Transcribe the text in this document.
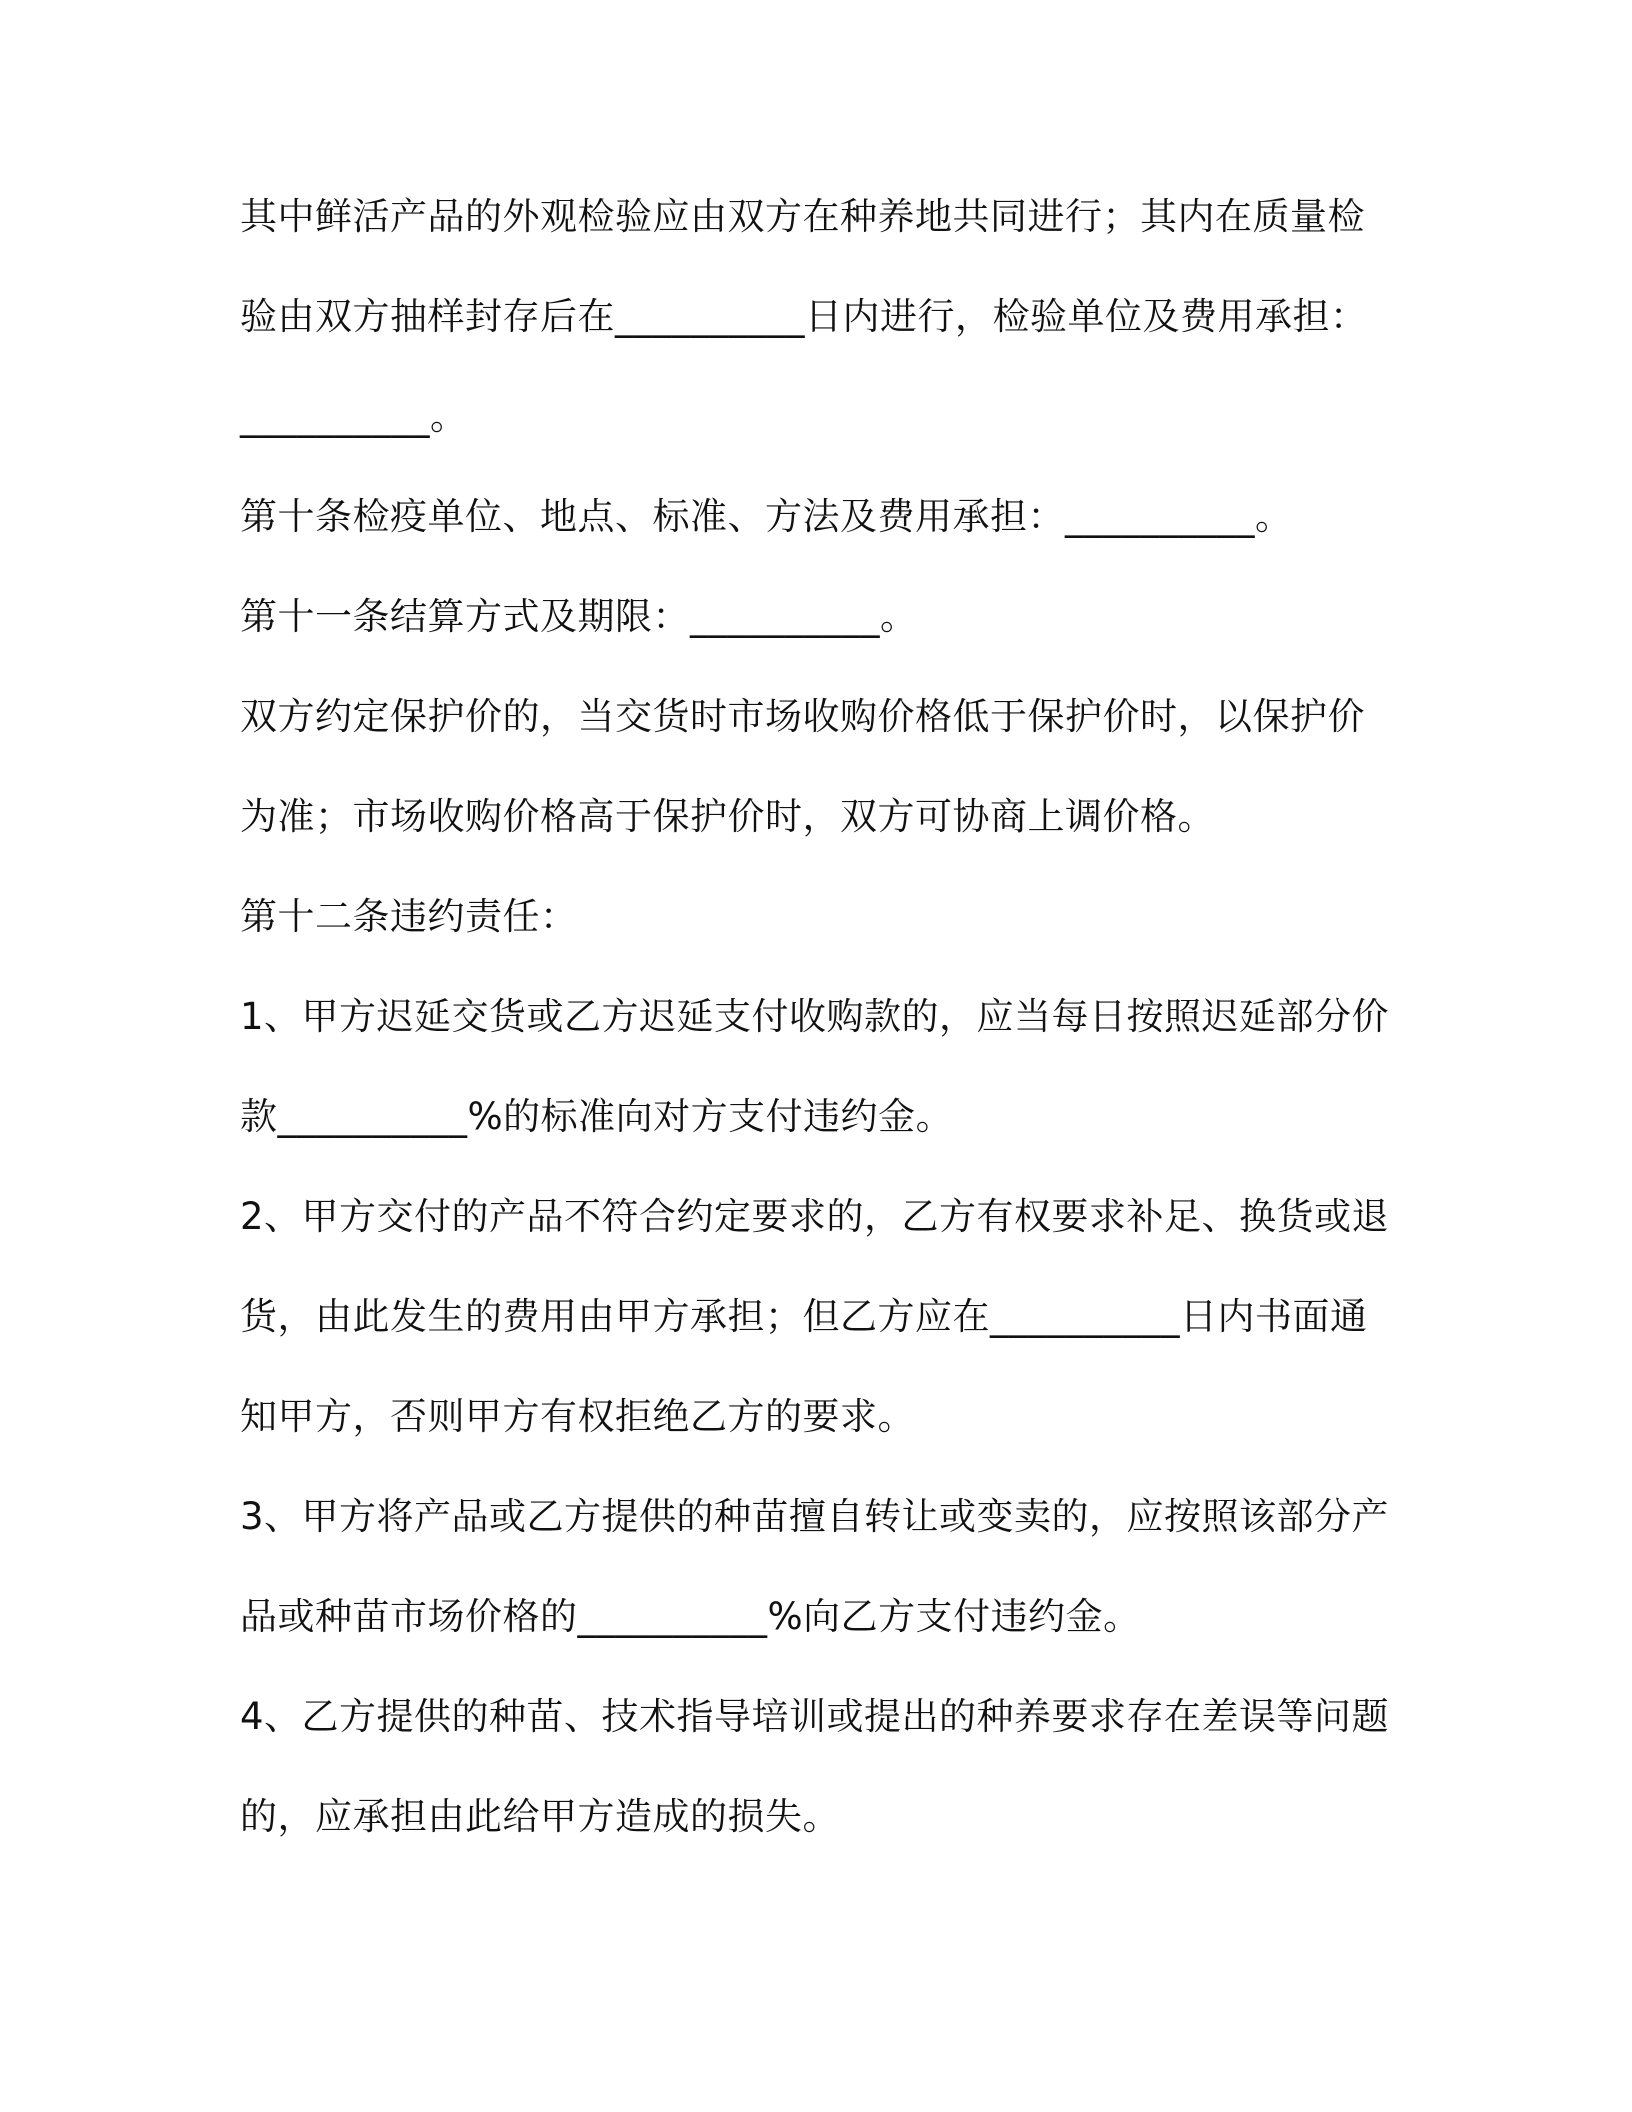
其中鲜活产品的外观检验应由双方在种养地共同进行；其内在质量检
验由双方抽样封存后在__________日内进行，检验单位及费用承担：
__________。
第十条检疫单位、地点、标准、方法及费用承担：__________。
第十一条结算方式及期限：__________。
双方约定保护价的，当交货时市场收购价格低于保护价时，以保护价
为准；市场收购价格高于保护价时，双方可协商上调价格。
第十二条违约责任：
1、甲方迟延交货或乙方迟延支付收购款的，应当每日按照迟延部分价
款__________%的标准向对方支付违约金。
2、甲方交付的产品不符合约定要求的，乙方有权要求补足、换货或退
货，由此发生的费用由甲方承担；但乙方应在__________日内书面通
知甲方，否则甲方有权拒绝乙方的要求。
3、甲方将产品或乙方提供的种苗擅自转让或变卖的，应按照该部分产
品或种苗市场价格的__________%向乙方支付违约金。
4、乙方提供的种苗、技术指导培训或提出的种养要求存在差误等问题
的，应承担由此给甲方造成的损失。
